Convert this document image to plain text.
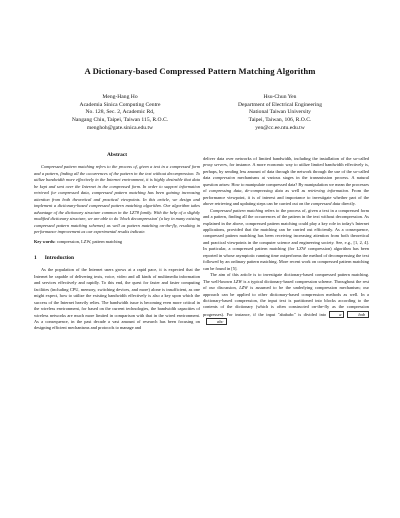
A Dictionary-based Compressed Pattern Matching Algorithm
Meng-Hang Ho
Academia Sinica Computing Centre
No. 128, Sec. 2, Academic Rd,
Nangang Chiu, Taipei, Taiwan 115, R.O.C.
menghoh@gate.sinica.edu.tw
Hsu-Chun Yen
Department of Electrical Engineering
National Taiwan University
Taipei, Taiwan, 106, R.O.C.
yen@cc.ee.ntu.edu.tw
Abstract

Compressed pattern matching refers to the process of, given a text in a compressed form and a pattern, finding all the occurrences of the pattern in the text without decompression. To utilize bandwidth more effectively in the Internet environment, it is highly desirable that data be kept and sent over the Internet in the compressed form. In order to support information retrieval for compressed data, compressed pattern matching has been gaining increasing attention from both theoretical and practical viewpoints. In this article, we design and implement a dictionary-based compressed pattern matching algorithm. Our algorithm takes advantage of the dictionary structure common in the LZ78 family. With the help of a slightly modified dictionary structure, we are able to do 'block decompression' (a key in many existing compressed pattern matching schemes) as well as pattern matching on-the-fly, resulting in performance improvement as our experimental results indicate.

Key words: compression, LZW, pattern matching
1 Introduction

As the population of the Internet users grows at a rapid pace, it is expected that the Internet be capable of delivering texts, voice, video and all kinds of multimedia information and services effectively and rapidly. To this end, the quest for faster and faster computing facilities (including CPU, memory, switching devices, and more) alone is insufficient, as one might expect, how to utilize the existing bandwidth effectively is also a key upon which the success of the Internet heavily relies. The bandwidth issue is becoming even more critical in the wireless environment, for based on the current technologies, the bandwidth capacities of wireless networks are much more limited in comparison with that in the wired environment. As a consequence, in the past decade a vast amount of research has been focusing on designing efficient mechanisms and protocols to manage and

deliver data over networks of limited bandwidth, including the installation of the so-called proxy servers, for instance. A more economic way to utilize limited bandwidth effectively is, perhaps, by sending less amount of data through the network through the use of the so-called data compression mechanisms at various stages in the transmission process. A natural question arises: How to manipulate compressed data? By manipulation we mean the processes of compressing data, de-compressing data as well as retrieving information. From the performance viewpoint, it is of interest and importance to investigate whether part of the above retrieving and updating steps can be carried out on the compressed data directly.

Compressed pattern matching refers to the process of, given a text in a compressed form and a pattern, finding all the occurrences of the pattern in the text without decompression. As explained in the above, compressed pattern matching could play a key role in today's Internet applications, provided that the matching can be carried out efficiently. As a consequence, compressed pattern matching has been receiving increasing attention from both theoretical and practical viewpoints in the computer science and engineering society. See, e.g., [1, 2, 4]. In particular, a compressed pattern matching (for LZW compression) algorithm has been reported in whose asymptotic running time outperforms the method of decompressing the text followed by an ordinary pattern matching. More recent work on compressed pattern matching can be found in [5].

The aim of this article is to investigate dictionary-based compressed pattern matching. The well-known LZW is a typical dictionary-based compression scheme. Throughout the rest of our discussion, LZW is assumed to be the underlying compression mechanism; our approach can be applied to other dictionary-based compression methods as well. In a dictionary-based compression, the input text is partitioned into blocks according to the contents of the dictionary (which is often constructed on-the-fly as the compression progresses). For instance, if the input "abababc" is divided into	a	bababc
